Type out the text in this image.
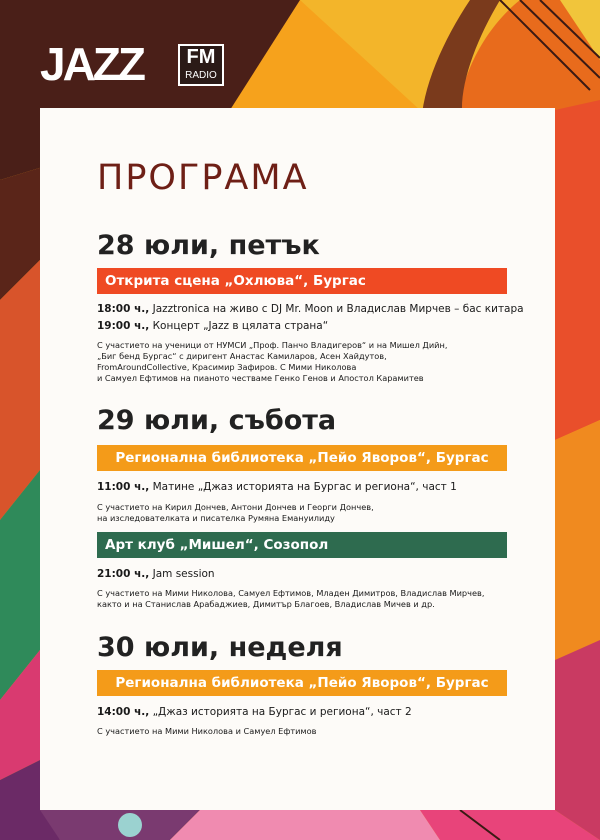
JAZZ	FM
RADIO
ПРОГРАМА
28 юли, петък
Открита сцена „Охлюва“, Бургас
18:00 ч., Jazztronica на живо с DJ Mr. Moon и Владислав Мирчев – бас китара
19:00 ч., Концерт „Jazz в цялата страна“
С участието на ученици от НУМСИ „Проф. Панчо Владигеров“ и на Мишел Дийн,
„Биг бенд Бургас“ с диригент Анастас Камиларов, Асен Хайдутов,
FromAroundCollective, Красимир Зафиров. С Мими Николова
и Самуел Ефтимов на пианото честваме Генко Генов и Апостол Карамитев
29 юли, събота
Регионална библиотека „Пейо Яворов“, Бургас
11:00 ч., Матине „Джаз историята на Бургас и региона“, част 1
С участието на Кирил Дончев, Антони Дончев и Георги Дончев,
на изследователката и писателка Румяна Емануилиду
Арт клуб „Мишел“, Созопол
21:00 ч., Jam session
С участието на Мими Николова, Самуел Ефтимов, Младен Димитров, Владислав Мирчев,
както и на Станислав Арабаджиев, Димитър Благоев, Владислав Мичев и др.
30 юли, неделя
Регионална библиотека „Пейо Яворов“, Бургас
14:00 ч., „Джаз историята на Бургас и региона“, част 2
С участието на Мими Николова и Самуел Ефтимов
